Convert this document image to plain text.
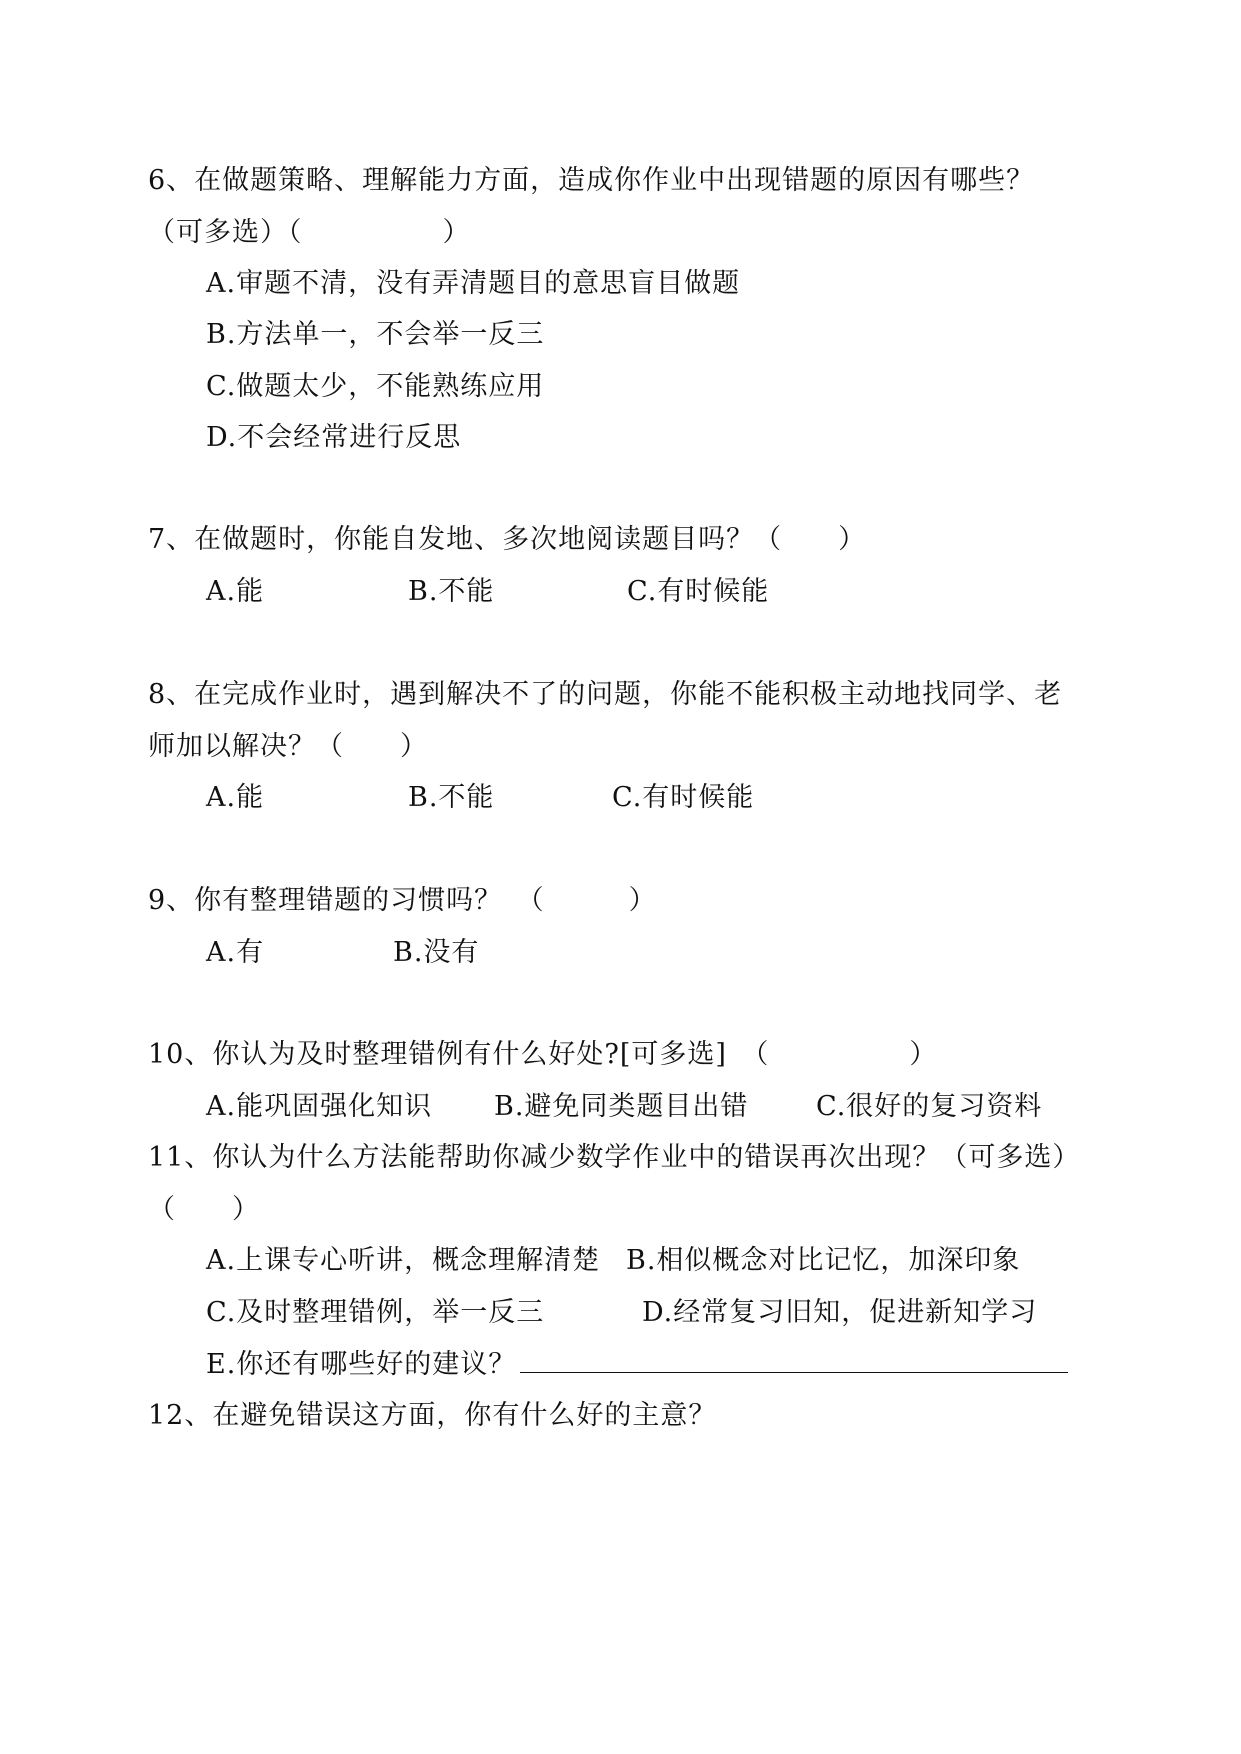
6、在做题策略、理解能力方面，造成你作业中出现错题的原因有哪些？
（可多选）（　　　　　）
A.审题不清，没有弄清题目的意思盲目做题
B.方法单一，不会举一反三
C.做题太少，不能熟练应用
D.不会经常进行反思
7、在做题时，你能自发地、多次地阅读题目吗？（　　）
A.能	B.不能	C.有时候能
8、在完成作业时，遇到解决不了的问题，你能不能积极主动地找同学、老
师加以解决？（　　）
A.能	B.不能	C.有时候能
9、你有整理错题的习惯吗？　（　　　）
A.有	B.没有
10、你认为及时整理错例有什么好处?[可多选]　（　　　　　）
A.能巩固强化知识 B.避免同类题目出错	C.很好的复习资料
11、你认为什么方法能帮助你减少数学作业中的错误再次出现？（可多选）
（　　）
A.上课专心听讲，概念理解清楚 B.相似概念对比记忆，加深印象
C.及时整理错例，举一反三	D.经常复习旧知，促进新知学习
E.你还有哪些好的建议？
12、在避免错误这方面，你有什么好的主意？
